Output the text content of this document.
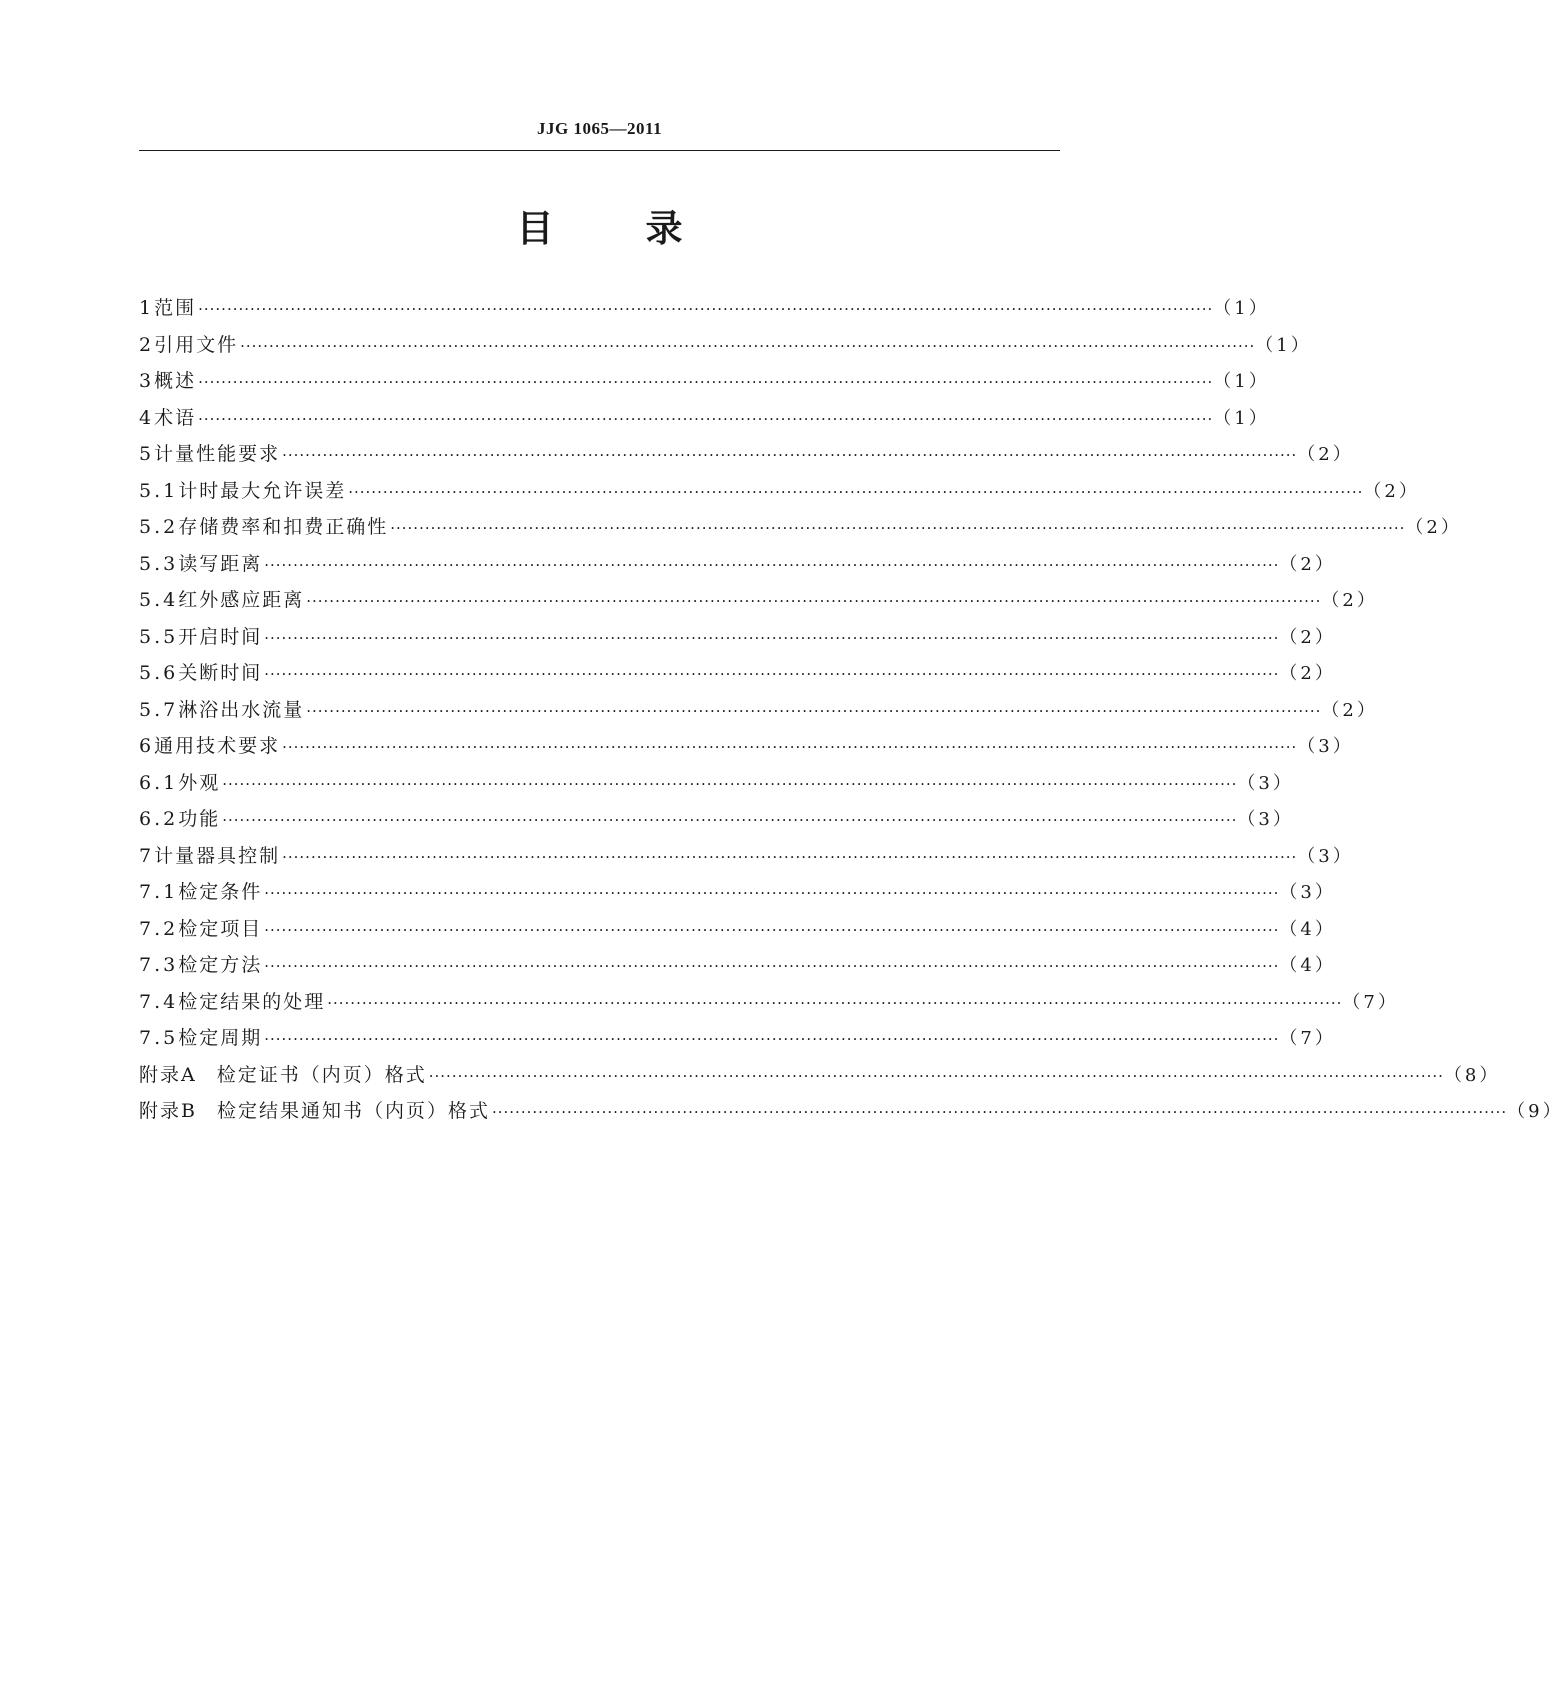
JJG 1065—2011
目 录
1 范围 ·····	（1）
2 引用文件 ·····	（1）
3 概述 ·····	（1）
4 术语 ·····	（1）
5 计量性能要求 ·····	（2）
5.1 计时最大允许误差 ·····	（2）
5.2 存储费率和扣费正确性 ·····	（2）
5.3 读写距离 ·····	（2）
5.4 红外感应距离 ·····	（2）
5.5 开启时间 ·····	（2）
5.6 关断时间 ·····	（2）
5.7 淋浴出水流量 ·····	（2）
6 通用技术要求 ·····	（3）
6.1 外观 ·····	（3）
6.2 功能 ·····	（3）
7 计量器具控制 ·····	（3）
7.1 检定条件 ·····	（3）
7.2 检定项目 ·····	（4）
7.3 检定方法 ·····	（4）
7.4 检定结果的处理 ·····	（7）
7.5 检定周期 ·····	（7）
附录A 检定证书（内页）格式 ·····	（8）
附录B 检定结果通知书（内页）格式 ·····	（9）
